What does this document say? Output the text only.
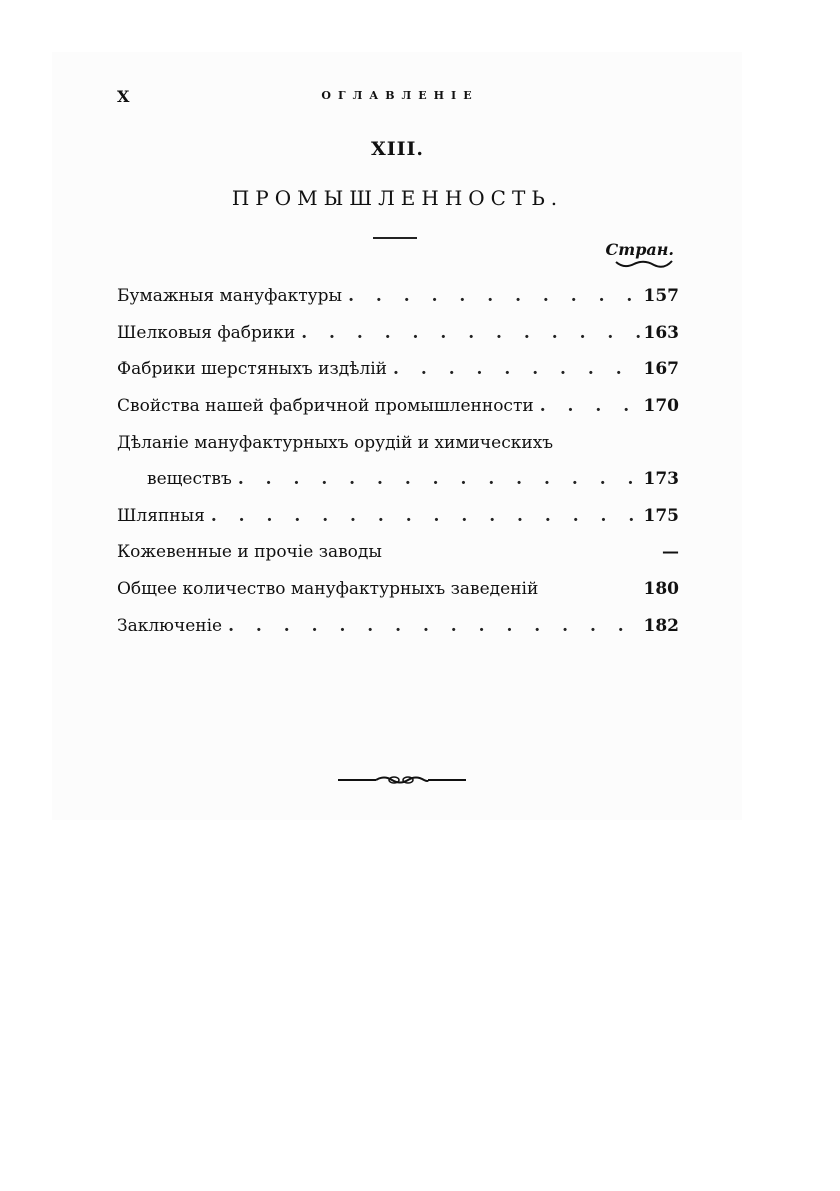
X	ОГЛАВЛЕНІЕ
XIII.
ПРОМЫШЛЕННОСТЬ.
Стран.
Бумажныя мануфактуры . . .	157
Шелковыя фабрики . . .	163
Фабрики шерстяныхъ издѣлій . . .	167
Свойства нашей фабричной промышленности . . .	170
Дѣланіе мануфактурныхъ орудій и химическихъ
веществъ . . .	173
Шляпныя . . .	175
Кожевенные и прочіе заводы	—
Общее количество мануфактурныхъ заведеній	180
Заключеніе . . .	182
